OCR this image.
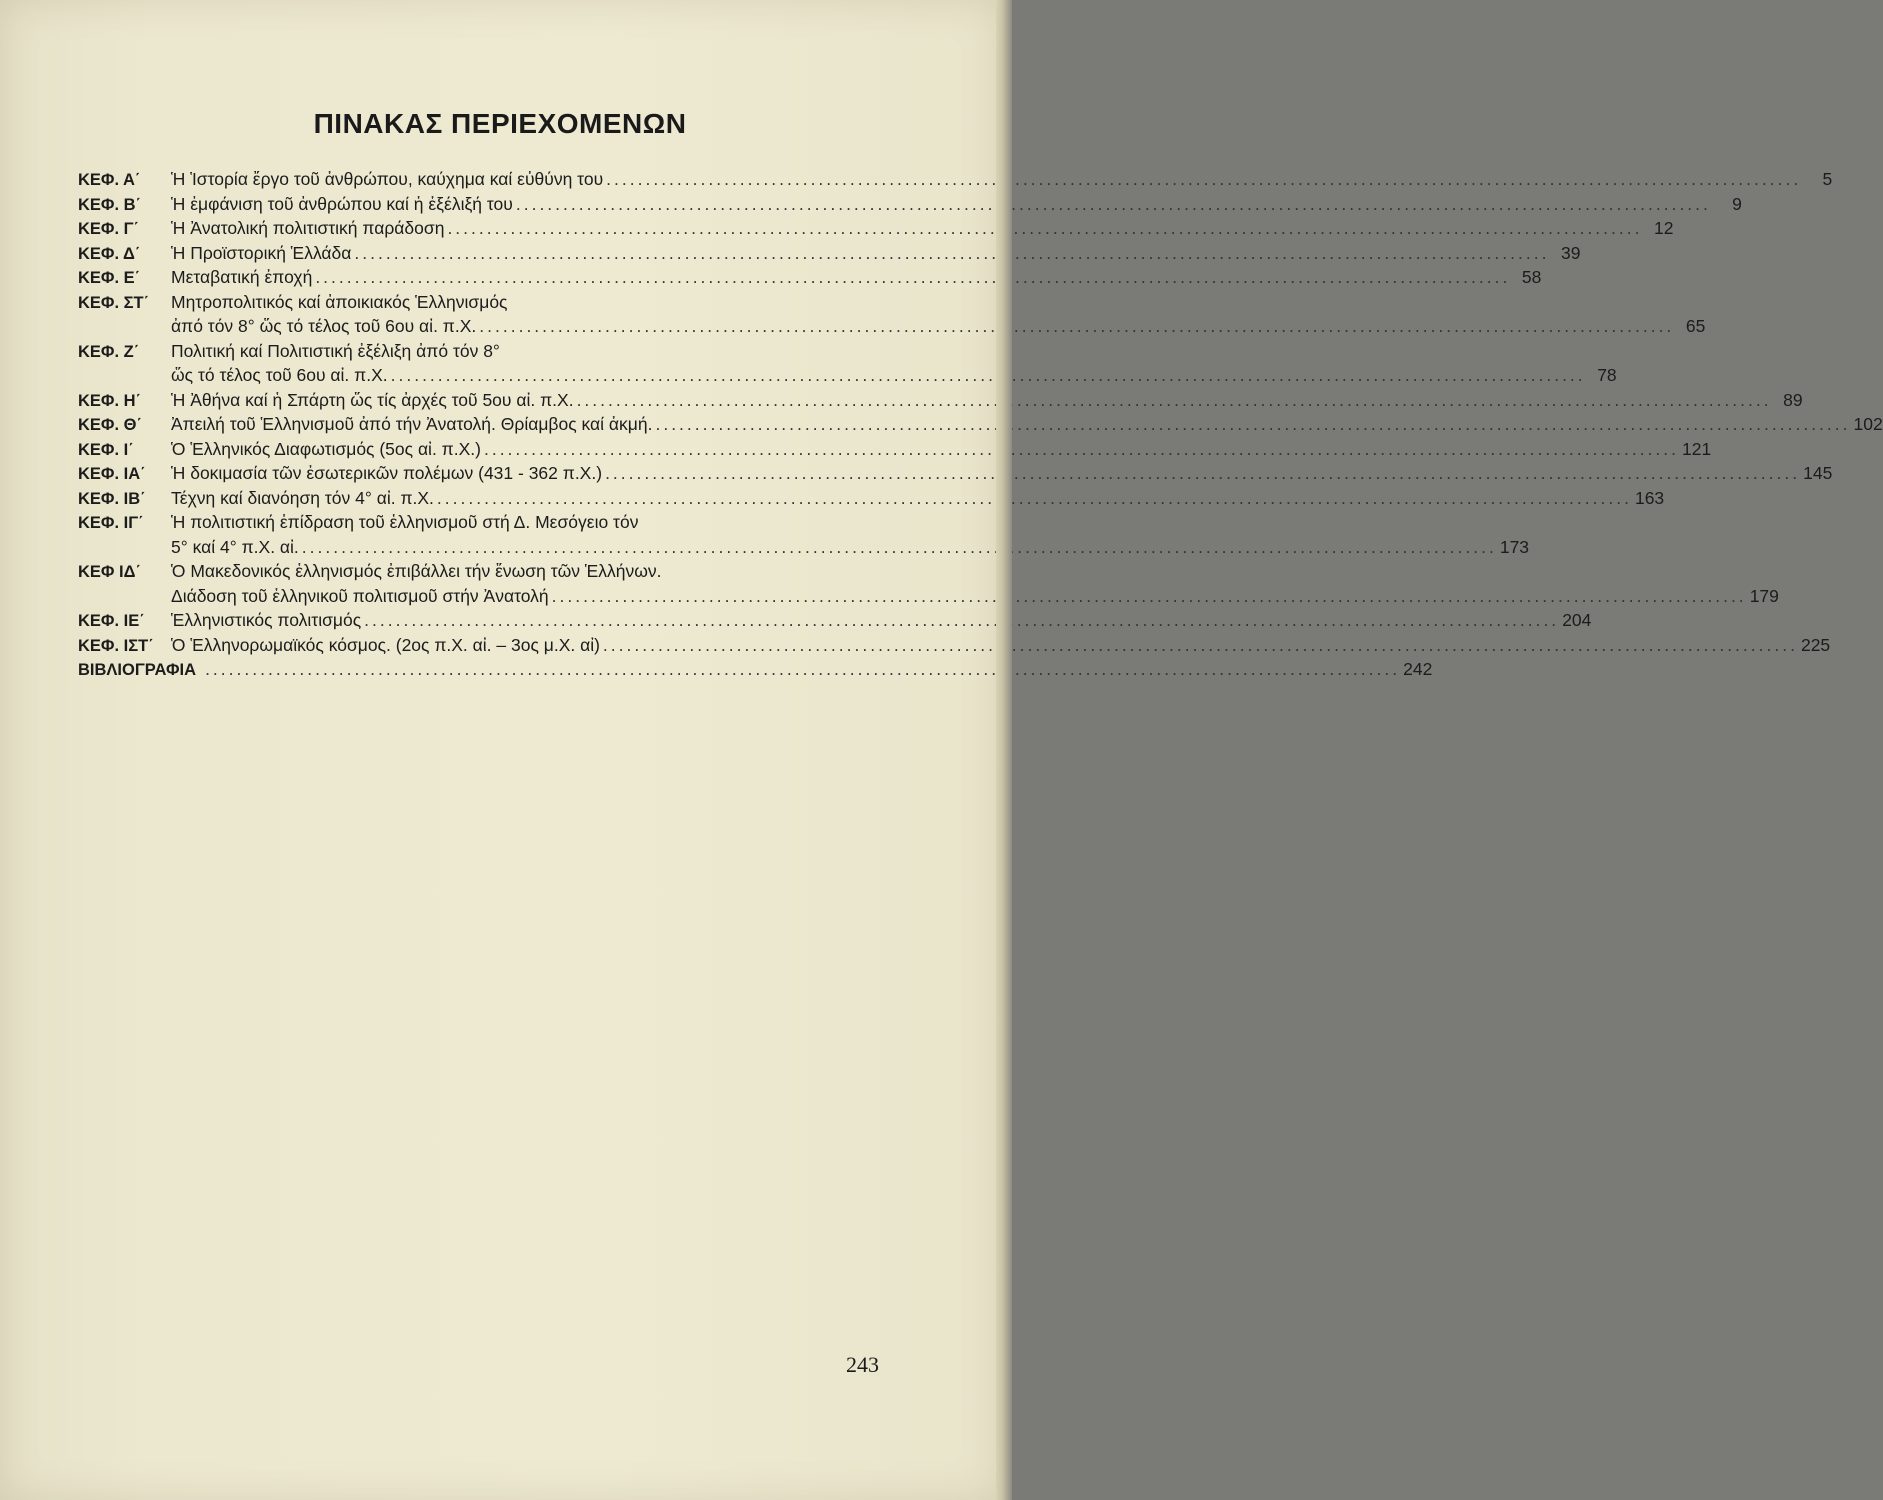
ΠΙΝΑΚΑΣ ΠΕΡΙΕΧΟΜΕΝΩΝ
ΚΕΦ. Α΄	Ἡ Ἱστορία ἔργο τοῦ ἀνθρώπου, καύχημα καί εὐθύνη του .....	5
ΚΕΦ. Β΄	Ἡ ἐμφάνιση τοῦ ἀνθρώπου καί ἡ ἐξέλιξή του .....	9
ΚΕΦ. Γ΄	Ἡ Ἀνατολική πολιτιστική παράδοση .....	12
ΚΕΦ. Δ΄	Ἡ Προϊστορική Ἑλλάδα .....	39
ΚΕΦ. Ε΄	Μεταβατική ἐποχή .....	58
ΚΕΦ. ΣΤ΄	Μητροπολιτικός καί ἀποικιακός Ἑλληνισμός
ἀπό τόν 8° ὥς τό τέλος τοῦ 6ου αἰ. π.Χ. .....	65
ΚΕΦ. Ζ΄	Πολιτική καί Πολιτιστική ἐξέλιξη ἀπό τόν 8°
ὥς τό τέλος τοῦ 6ου αἰ. π.Χ. .....	78
ΚΕΦ. Η΄	Ἡ Ἀθήνα καί ἡ Σπάρτη ὥς τίς ἀρχές τοῦ 5ου αἰ. π.Χ. .....	89
ΚΕΦ. Θ΄	Ἀπειλή τοῦ Ἑλληνισμοῦ ἀπό τήν Ἀνατολή. Θρίαμβος καί ἀκμή. .....	102
ΚΕΦ. Ι΄	Ὁ Ἑλληνικός Διαφωτισμός (5ος αἰ. π.Χ.) .....	121
ΚΕΦ. ΙΑ΄	Ἡ δοκιμασία τῶν ἐσωτερικῶν πολέμων (431 - 362 π.Χ.) .....	145
ΚΕΦ. ΙΒ΄	Τέχνη καί διανόηση τόν 4° αἰ. π.Χ. .....	163
ΚΕΦ. ΙΓ΄	Ἡ πολιτιστική ἐπίδραση τοῦ ἑλληνισμοῦ στή Δ. Μεσόγειο τόν
5° καί 4° π.Χ. αἰ. .....	173
ΚΕΦ ΙΔ΄	Ὁ Μακεδονικός ἑλληνισμός ἐπιβάλλει τήν ἕνωση τῶν Ἑλλήνων.
Διάδοση τοῦ ἑλληνικοῦ πολιτισμοῦ στήν Ἀνατολή .....	179
ΚΕΦ. ΙΕ΄	Ἑλληνιστικός πολιτισμός .....	204
ΚΕΦ. ΙΣΤ΄ Ὁ Ἑλληνορωμαϊκός κόσμος. (2ος π.Χ. αἰ. – 3ος μ.Χ. αἰ) .....	225
ΒΙΒΛΙΟΓΡΑΦΙΑ .....	242
243
